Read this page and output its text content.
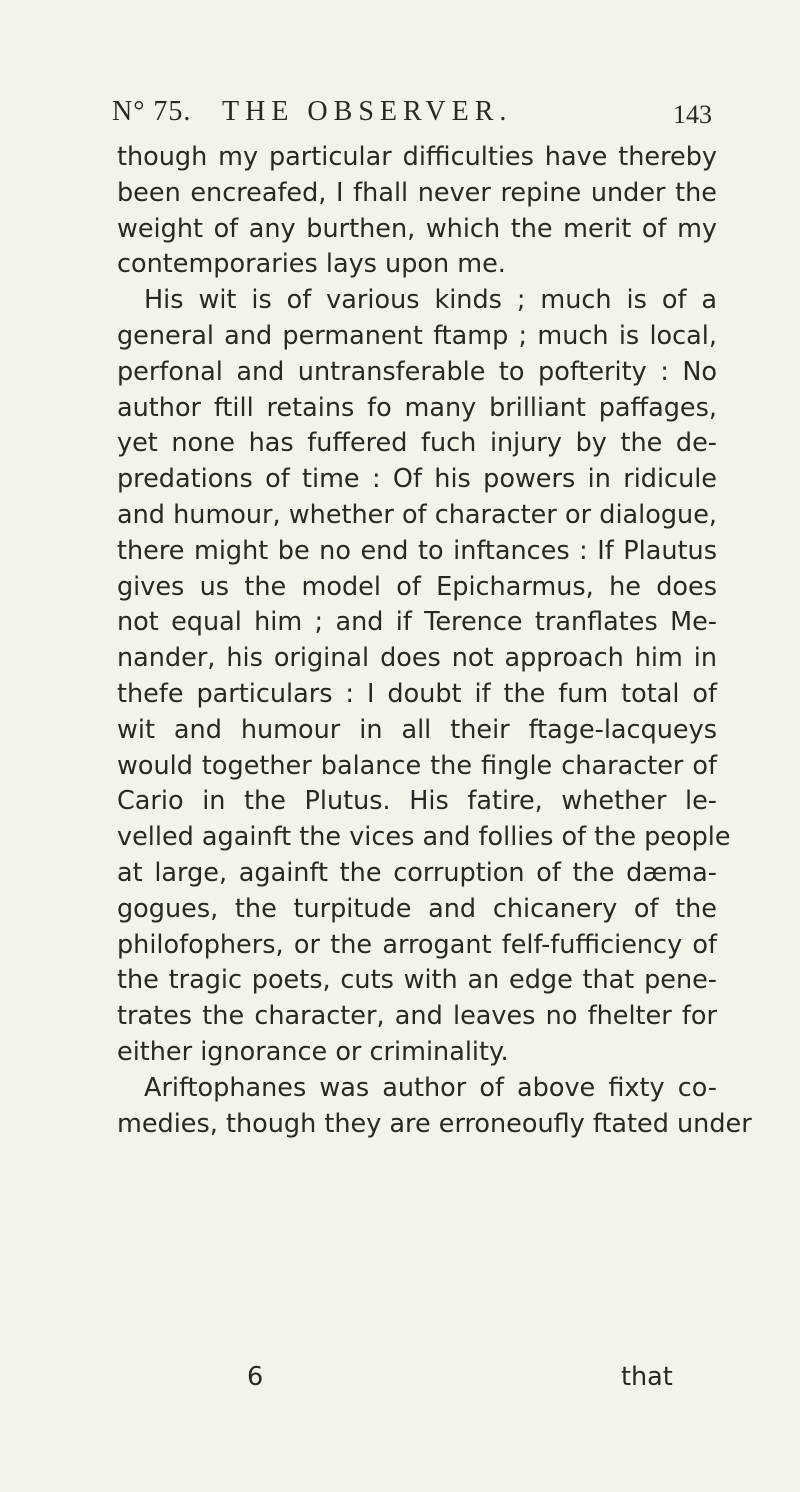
N° 75. THE OBSERVER.	143
though my particular difficulties have thereby
been encreafed, I fhall never repine under the
weight of any burthen, which the merit of my
contemporaries lays upon me.
His wit is of various kinds ; much is of a
general and permanent ftamp ; much is local,
perfonal and untransferable to pofterity : No
author ftill retains fo many brilliant paffages,
yet none has fuffered fuch injury by the de-
predations of time : Of his powers in ridicule
and humour, whether of character or dialogue,
there might be no end to inftances : If Plautus
gives us the model of Epicharmus, he does
not equal him ; and if Terence tranflates Me-
nander, his original does not approach him in
thefe particulars : I doubt if the fum total of
wit and humour in all their ftage-lacqueys
would together balance the fingle character of
Cario in the Plutus. His fatire, whether le-
velled againft the vices and follies of the people
at large, againft the corruption of the dæma-
gogues, the turpitude and chicanery of the
philofophers, or the arrogant felf-fufficiency of
the tragic poets, cuts with an edge that pene-
trates the character, and leaves no fhelter for
either ignorance or criminality.
Ariftophanes was author of above fixty co-
medies, though they are erroneoufly ftated under
6	that
